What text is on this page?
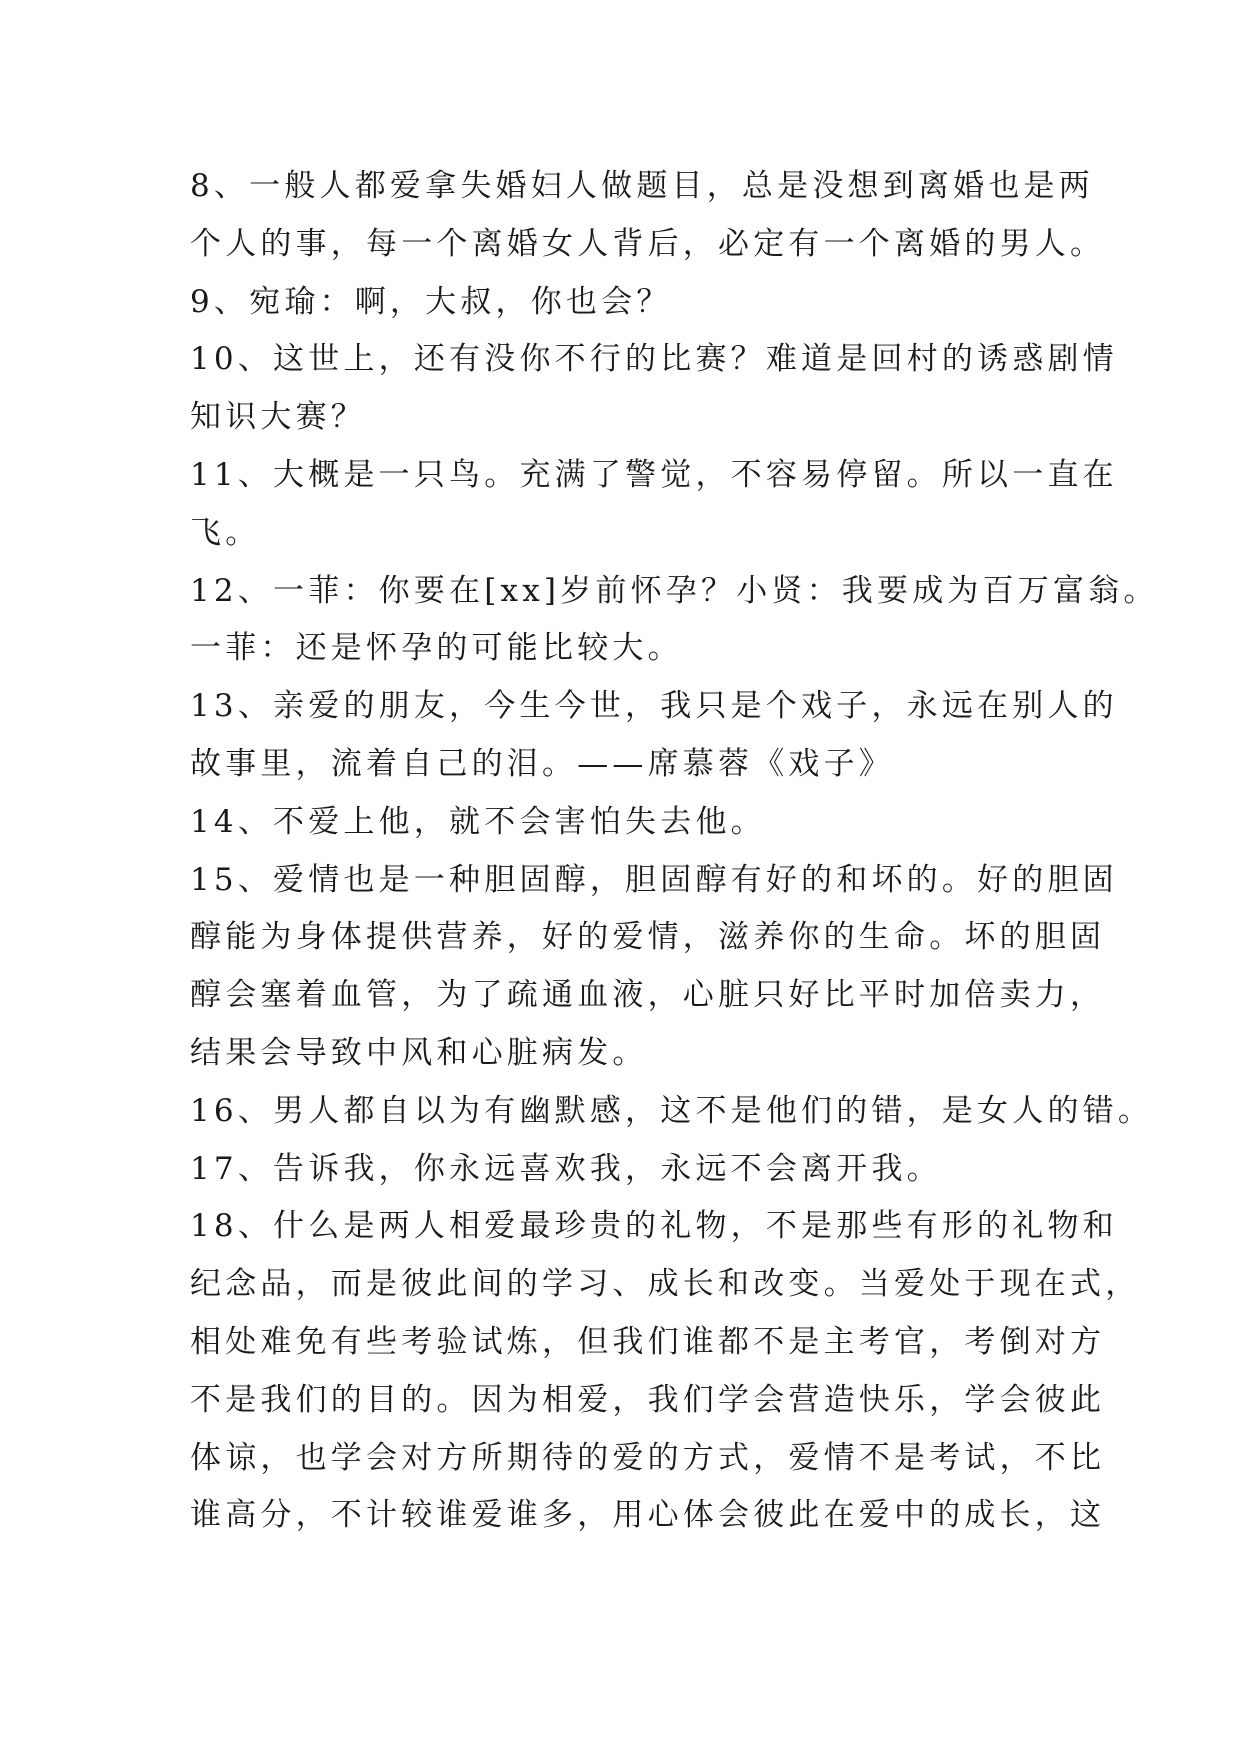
8、一般人都爱拿失婚妇人做题目，总是没想到离婚也是两
个人的事，每一个离婚女人背后，必定有一个离婚的男人。

9、宛瑜：啊，大叔，你也会？

10、这世上，还有没你不行的比赛？难道是回村的诱惑剧情
知识大赛？

11、大概是一只鸟。充满了警觉，不容易停留。所以一直在
飞。

12、一菲：你要在[xx]岁前怀孕？小贤：我要成为百万富翁。
一菲：还是怀孕的可能比较大。

13、亲爱的朋友，今生今世，我只是个戏子，永远在别人的
故事里，流着自己的泪。——席慕蓉《戏子》

14、不爱上他，就不会害怕失去他。

15、爱情也是一种胆固醇，胆固醇有好的和坏的。好的胆固
醇能为身体提供营养，好的爱情，滋养你的生命。坏的胆固
醇会塞着血管，为了疏通血液，心脏只好比平时加倍卖力，
结果会导致中风和心脏病发。

16、男人都自以为有幽默感，这不是他们的错，是女人的错。

17、告诉我，你永远喜欢我，永远不会离开我。

18、什么是两人相爱最珍贵的礼物，不是那些有形的礼物和
纪念品，而是彼此间的学习、成长和改变。当爱处于现在式，
相处难免有些考验试炼，但我们谁都不是主考官，考倒对方
不是我们的目的。因为相爱，我们学会营造快乐，学会彼此
体谅，也学会对方所期待的爱的方式，爱情不是考试，不比
谁高分，不计较谁爱谁多，用心体会彼此在爱中的成长，这
